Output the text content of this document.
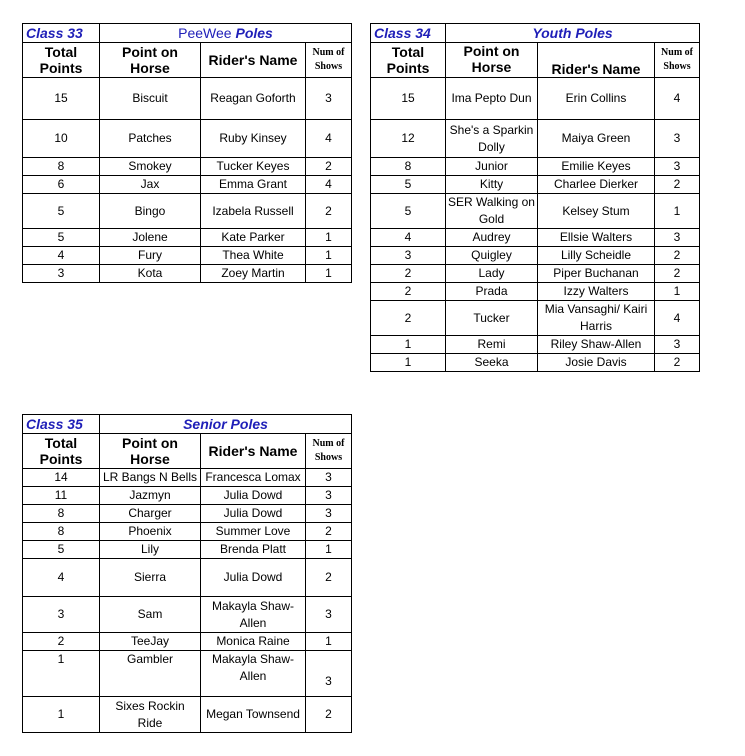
Class 33	PeeWee Poles		
Total Points	Point on Horse	Rider's Name	Num of Shows
15	Biscuit	Reagan Goforth	3
10	Patches	Ruby Kinsey	4
8	Smokey	Tucker Keyes	2
6	Jax	Emma Grant	4
5	Bingo	Izabela Russell	2
5	Jolene	Kate Parker	1
4	Fury	Thea White	1
3	Kota	Zoey Martin	1
Class 34	Youth Poles		
Total Points	Point on Horse	Rider's Name	Num of Shows
15	Ima Pepto Dun	Erin Collins	4
12	She's a Sparkin Dolly	Maiya Green	3
8	Junior	Emilie Keyes	3
5	Kitty	Charlee Dierker	2
5	SER Walking on Gold	Kelsey Stum	1
4	Audrey	Ellsie Walters	3
3	Quigley	Lilly Scheidle	2
2	Lady	Piper Buchanan	2
2	Prada	Izzy Walters	1
2	Tucker	Mia Vansaghi/ Kairi Harris	4
1	Remi	Riley Shaw-Allen	3
1	Seeka	Josie Davis	2
Class 35	Senior Poles		
Total Points	Point on Horse	Rider's Name	Num of Shows
14	LR Bangs N Bells	Francesca Lomax	3
11	Jazmyn	Julia Dowd	3
8	Charger	Julia Dowd	3
8	Phoenix	Summer Love	2
5	Lily	Brenda Platt	1
4	Sierra	Julia Dowd	2
3	Sam	Makayla Shaw-Allen	3
2	TeeJay	Monica Raine	1
1	Gambler	Makayla Shaw-Allen	3
1	Sixes Rockin Ride	Megan Townsend	2
